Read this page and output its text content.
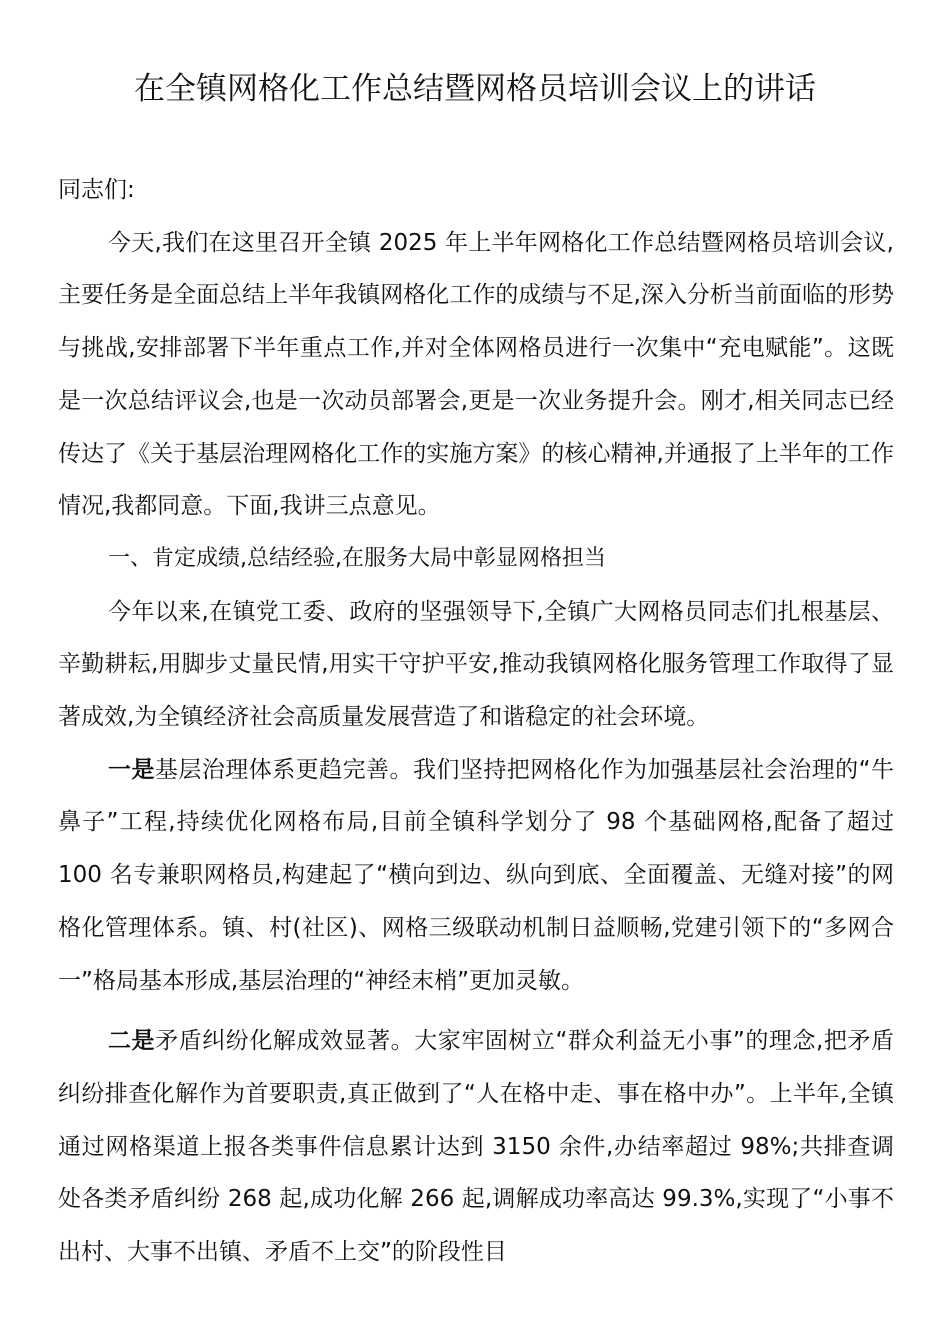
在全镇网格化工作总结暨网格员培训会议上的讲话

同志们:

今天,我们在这里召开全镇 2025 年上半年网格化工作总结暨网格员培训会议,主要任务是全面总结上半年我镇网格化工作的成绩与不足,深入分析当前面临的形势与挑战,安排部署下半年重点工作,并对全体网格员进行一次集中“充电赋能”。这既是一次总结评议会,也是一次动员部署会,更是一次业务提升会。刚才,相关同志已经传达了《关于基层治理网格化工作的实施方案》的核心精神,并通报了上半年的工作情况,我都同意。下面,我讲三点意见。

一、肯定成绩,总结经验,在服务大局中彰显网格担当

今年以来,在镇党工委、政府的坚强领导下,全镇广大网格员同志们扎根基层、辛勤耕耘,用脚步丈量民情,用实干守护平安,推动我镇网格化服务管理工作取得了显著成效,为全镇经济社会高质量发展营造了和谐稳定的社会环境。

一是基层治理体系更趋完善。我们坚持把网格化作为加强基层社会治理的“牛鼻子”工程,持续优化网格布局,目前全镇科学划分了 98 个基础网格,配备了超过 100 名专兼职网格员,构建起了“横向到边、纵向到底、全面覆盖、无缝对接”的网格化管理体系。镇、村(社区)、网格三级联动机制日益顺畅,党建引领下的“多网合一”格局基本形成,基层治理的“神经末梢”更加灵敏。

二是矛盾纠纷化解成效显著。大家牢固树立“群众利益无小事”的理念,把矛盾纠纷排查化解作为首要职责,真正做到了“人在格中走、事在格中办”。上半年,全镇通过网格渠道上报各类事件信息累计达到 3150 余件,办结率超过 98%;共排查调处各类矛盾纠纷 268 起,成功化解 266 起,调解成功率高达 99.3%,实现了“小事不出村、大事不出镇、矛盾不上交”的阶段性目
